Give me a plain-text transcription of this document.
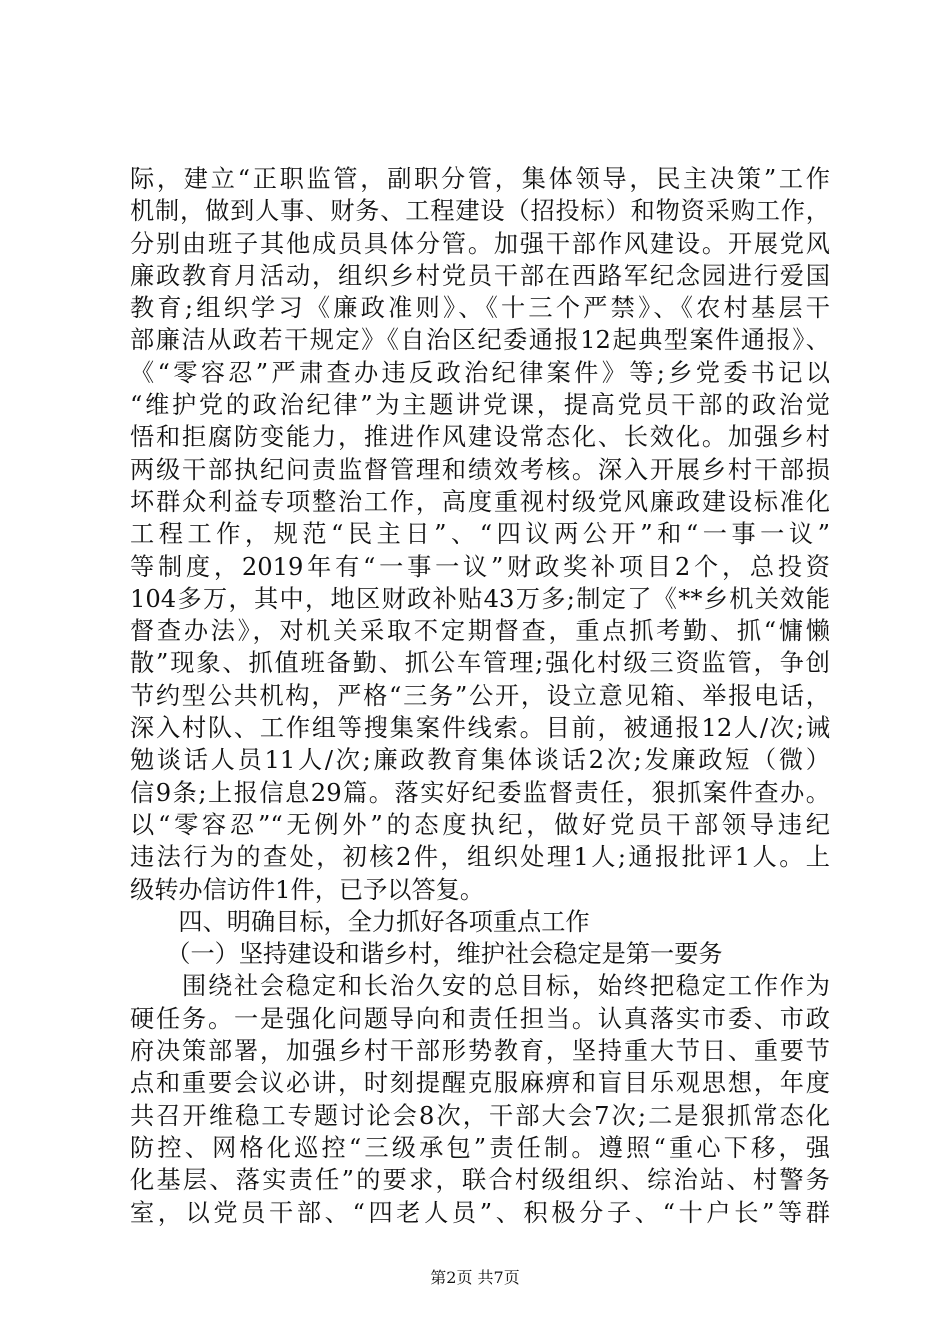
际，建立“正职监管，副职分管，集体领导，民主决策”工作
机制，做到人事、财务、工程建设（招投标）和物资采购工作，
分别由班子其他成员具体分管。加强干部作风建设。开展党风
廉政教育月活动，组织乡村党员干部在西路军纪念园进行爱国
教育;组织学习《廉政准则》、《十三个严禁》、《农村基层干
部廉洁从政若干规定》《自治区纪委通报12起典型案件通报》、
《“零容忍”严肃查办违反政治纪律案件》等;乡党委书记以
“维护党的政治纪律”为主题讲党课，提高党员干部的政治觉
悟和拒腐防变能力，推进作风建设常态化、长效化。加强乡村
两级干部执纪问责监督管理和绩效考核。深入开展乡村干部损
坏群众利益专项整治工作，高度重视村级党风廉政建设标准化
工程工作，规范“民主日”、“四议两公开”和“一事一议”
等制度，2019年有“一事一议”财政奖补项目2个，总投资
104多万，其中，地区财政补贴43万多;制定了《**乡机关效能
督查办法》，对机关采取不定期督查，重点抓考勤、抓“慵懒
散”现象、抓值班备勤、抓公车管理;强化村级三资监管，争创
节约型公共机构，严格“三务”公开，设立意见箱、举报电话，
深入村队、工作组等搜集案件线索。目前，被通报12人/次;诫
勉谈话人员11人/次;廉政教育集体谈话2次;发廉政短（微）
信9条;上报信息29篇。落实好纪委监督责任，狠抓案件查办。
以“零容忍”“无例外”的态度执纪，做好党员干部领导违纪
违法行为的查处，初核2件，组织处理1人;通报批评1人。上
级转办信访件1件，已予以答复。
　　四、明确目标，全力抓好各项重点工作
　　（一）坚持建设和谐乡村，维护社会稳定是第一要务
　　围绕社会稳定和长治久安的总目标，始终把稳定工作作为
硬任务。一是强化问题导向和责任担当。认真落实市委、市政
府决策部署，加强乡村干部形势教育，坚持重大节日、重要节
点和重要会议必讲，时刻提醒克服麻痹和盲目乐观思想，年度
共召开维稳工专题讨论会8次，干部大会7次;二是狠抓常态化
防控、网格化巡控“三级承包”责任制。遵照“重心下移，强
化基层、落实责任”的要求，联合村级组织、综治站、村警务
室，以党员干部、“四老人员”、积极分子、“十户长”等群
第2页 共7页
